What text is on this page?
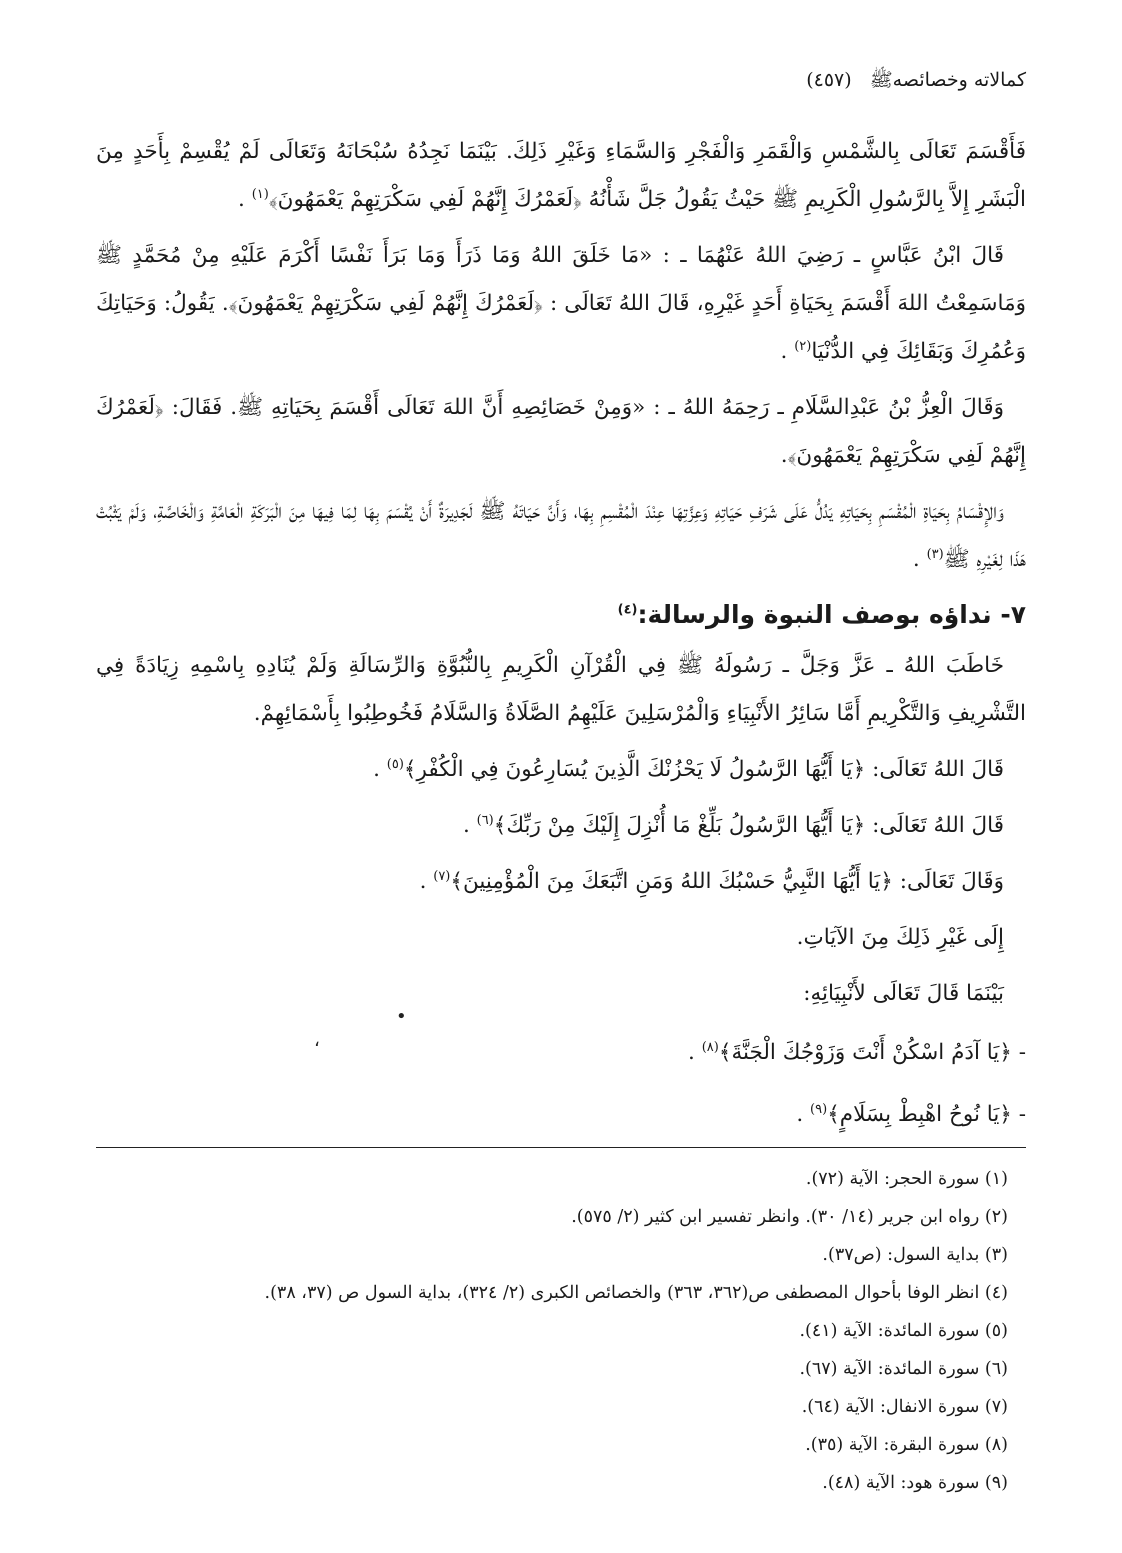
كمالاته وخصائصهﷺ (٤٥٧)

فَأَقْسَمَ تَعَالَى بِالشَّمْسِ وَالْقَمَرِ وَالْفَجْرِ وَالسَّمَاءِ وَغَيْرِ ذَلِكَ. بَيْنَمَا نَجِدُهُ سُبْحَانَهُ وَتَعَالَى لَمْ يُقْسِمْ بِأَحَدٍ مِنَ الْبَشَرِ إِلاَّ بِالرَّسُولِ الْكَرِيمِ ﷺ حَيْثُ يَقُولُ جَلَّ شَأْنُهُ ﴿لَعَمْرُكَ إِنَّهُمْ لَفِي سَكْرَتِهِمْ يَعْمَهُونَ﴾$^{(١)}$ .

قَالَ ابْنُ عَبَّاسٍ ـ رَضِيَ اللهُ عَنْهُمَا ـ : «مَا خَلَقَ اللهُ وَمَا ذَرَأَ وَمَا بَرَأَ نَفْسًا أَكْرَمَ عَلَيْهِ مِنْ مُحَمَّدٍ ﷺ وَمَاسَمِعْتُ اللهَ أَقْسَمَ بِحَيَاةِ أَحَدٍ غَيْرِهِ، قَالَ اللهُ تَعَالَى : ﴿لَعَمْرُكَ إِنَّهُمْ لَفِي سَكْرَتِهِمْ يَعْمَهُونَ﴾. يَقُولُ: وَحَيَاتِكَ وَعُمُرِكَ وَبَقَائِكَ فِي الدُّنْيَا$^{(٢)}$ .

وَقَالَ الْعِزُّ بْنُ عَبْدِالسَّلَامِ ـ رَحِمَهُ اللهُ ـ : «وَمِنْ خَصَائِصِهِ أَنَّ اللهَ تَعَالَى أَقْسَمَ بِحَيَاتِهِ ﷺ. فَقَالَ: ﴿لَعَمْرُكَ إِنَّهُمْ لَفِي سَكْرَتِهِمْ يَعْمَهُونَ﴾.

وَالإِقْسَامُ بِحَيَاةِ الْمُقْسَمِ بِحَيَاتِهِ يَدُلُّ عَلَى شَرَفِ حَيَاتِهِ وَعِزَّتِهَا عِنْدَ الْمُقْسِمِ بِهَا، وَأَنَّ حَيَاتَهُ ﷺ لَجَدِيرَةٌ أَنْ يُقْسَمَ بِهَا لِمَا فِيهَا مِنَ الْبَرَكَةِ الْعَامَّةِ وَالْخَاصَّةِ، وَلَمْ يَثْبُتْ هَذَا لِغَيْرِهِ ﷺ$^{(٣)}$ .

٧- نداؤه بوصف النبوة والرسالة:$^{(٤)}$

خَاطَبَ اللهُ ـ عَزَّ وَجَلَّ ـ رَسُولَهُ ﷺ فِي الْقُرْآنِ الْكَرِيمِ بِالنُّبُوَّةِ وَالرِّسَالَةِ وَلَمْ يُنَادِهِ بِاسْمِهِ زِيَادَةً فِي التَّشْرِيفِ وَالتَّكْرِيمِ أَمَّا سَائِرُ الأَنْبِيَاءِ وَالْمُرْسَلِينَ عَلَيْهِمُ الصَّلَاةُ وَالسَّلَامُ فَخُوطِبُوا بِأَسْمَائِهِمْ.

قَالَ اللهُ تَعَالَى: ﴿يَا أَيُّهَا الرَّسُولُ لَا يَحْزُنْكَ الَّذِينَ يُسَارِعُونَ فِي الْكُفْرِ﴾$^{(٥)}$ .

قَالَ اللهُ تَعَالَى: ﴿يَا أَيُّهَا الرَّسُولُ بَلِّغْ مَا أُنْزِلَ إِلَيْكَ مِنْ رَبِّكَ﴾$^{(٦)}$ .

وَقَالَ تَعَالَى: ﴿يَا أَيُّهَا النَّبِيُّ حَسْبُكَ اللهُ وَمَنِ اتَّبَعَكَ مِنَ الْمُؤْمِنِينَ﴾$^{(٧)}$ .

إِلَى غَيْرِ ذَلِكَ مِنَ الآيَاتِ.

بَيْنَمَا قَالَ تَعَالَى لأَنْبِيَائِهِ:

- ﴿يَا آدَمُ اسْكُنْ أَنْتَ وَزَوْجُكَ الْجَنَّةَ﴾$^{(٨)}$ .

- ﴿يَا نُوحُ اهْبِطْ بِسَلَامٍ﴾$^{(٩)}$ .

•
،

(١) سورة الحجر: الآية (٧٢).

(٢) رواه ابن جرير (١٤/ ٣٠). وانظر تفسير ابن كثير (٢/ ٥٧٥).

(٣) بداية السول: (ص٣٧).

(٤) انظر الوفا بأحوال المصطفى ص(٣٦٢، ٣٦٣) والخصائص الكبرى (٢/ ٣٢٤)، بداية السول ص (٣٧، ٣٨).

(٥) سورة المائدة: الآية (٤١).

(٦) سورة المائدة: الآية (٦٧).

(٧) سورة الانفال: الآية (٦٤).

(٨) سورة البقرة: الآية (٣٥).

(٩) سورة هود: الآية (٤٨).
